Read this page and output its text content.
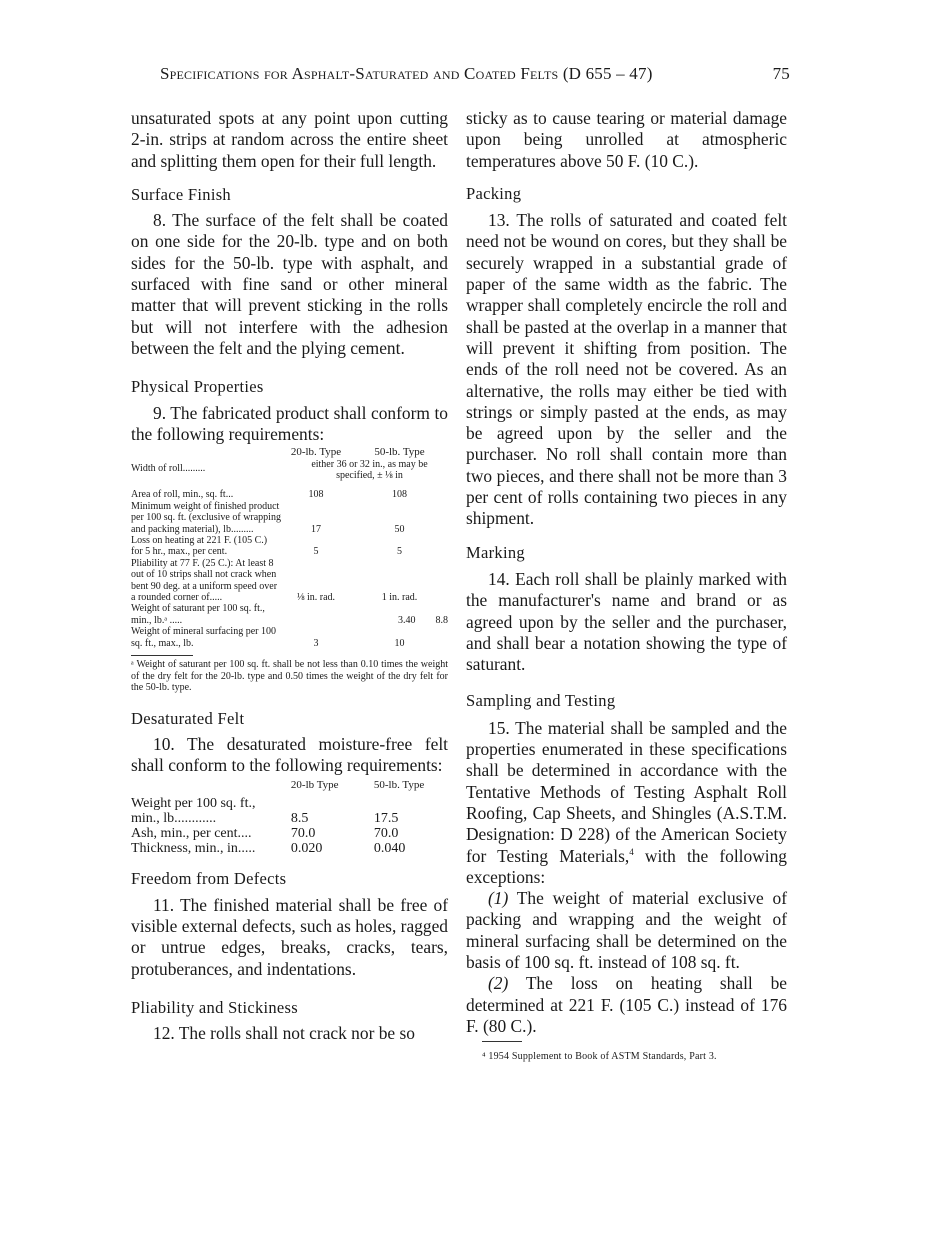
Specifications for Asphalt-Saturated and Coated Felts (D 655 – 47)	75

unsaturated spots at any point upon cutting 2-in. strips at random across the entire sheet and splitting them open for their full length.

Surface Finish

8. The surface of the felt shall be coated on one side for the 20-lb. type and on both sides for the 50-lb. type with asphalt, and surfaced with fine sand or other mineral matter that will prevent sticking in the rolls but will not interfere with the adhesion between the felt and the plying cement.

Physical Properties

9. The fabricated product shall conform to the following requirements:

	20-lb. Type	50-lb. Type
Width of roll.........	either 36 or 32 in., as may be specified, ± ⅛ in	
Area of roll, min., sq. ft...	108	108
Minimum weight of finished product per 100 sq. ft. (exclusive of wrapping and packing material), lb.........	17	50
Loss on heating at 221 F. (105 C.) for 5 hr., max., per cent.	5	5
Pliability at 77 F. (25 C.): At least 8 out of 10 strips shall not crack when bent 90 deg. at a uniform speed over a rounded corner of.....	⅛ in. rad.	1 in. rad.
Weight of saturant per 100 sq. ft., min., lb.ᵃ .....		3.40        8.8
Weight of mineral surfacing per 100 sq. ft., max., lb.	3	10

ᵃ Weight of saturant per 100 sq. ft. shall be not less than 0.10 times the weight of the dry felt for the 20-lb. type and 0.50 times the weight of the dry felt for the 50-lb. type.

Desaturated Felt

10. The desaturated moisture-free felt shall conform to the following requirements:

	20-lb Type	50-lb. Type
Weight per 100 sq. ft., min., lb............	8.5	17.5
Ash, min., per cent....	70.0	70.0
Thickness, min., in.....	0.020	0.040
Freedom from Defects

11. The finished material shall be free of visible external defects, such as holes, ragged or untrue edges, breaks, cracks, tears, protuberances, and indentations.

Pliability and Stickiness

12. The rolls shall not crack nor be so

sticky as to cause tearing or material damage upon being unrolled at atmospheric temperatures above 50 F. (10 C.).

Packing

13. The rolls of saturated and coated felt need not be wound on cores, but they shall be securely wrapped in a substantial grade of paper of the same width as the fabric. The wrapper shall completely encircle the roll and shall be pasted at the overlap in a manner that will prevent it shifting from position. The ends of the roll need not be covered. As an alternative, the rolls may either be tied with strings or simply pasted at the ends, as may be agreed upon by the seller and the purchaser. No roll shall contain more than two pieces, and there shall not be more than 3 per cent of rolls containing two pieces in any shipment.

Marking

14. Each roll shall be plainly marked with the manufacturer's name and brand or as agreed upon by the seller and the purchaser, and shall bear a notation showing the type of saturant.

Sampling and Testing

15. The material shall be sampled and the properties enumerated in these specifications shall be determined in accordance with the Tentative Methods of Testing Asphalt Roll Roofing, Cap Sheets, and Shingles (A.S.T.M. Designation: D 228) of the American Society for Testing Materials,$^4$ with the following exceptions:

(1) The weight of material exclusive of packing and wrapping and the weight of mineral surfacing shall be determined on the basis of 100 sq. ft. instead of 108 sq. ft.

(2) The loss on heating shall be determined at 221 F. (105 C.) instead of 176 F. (80 C.).

⁴ 1954 Supplement to Book of ASTM Standards, Part 3.
